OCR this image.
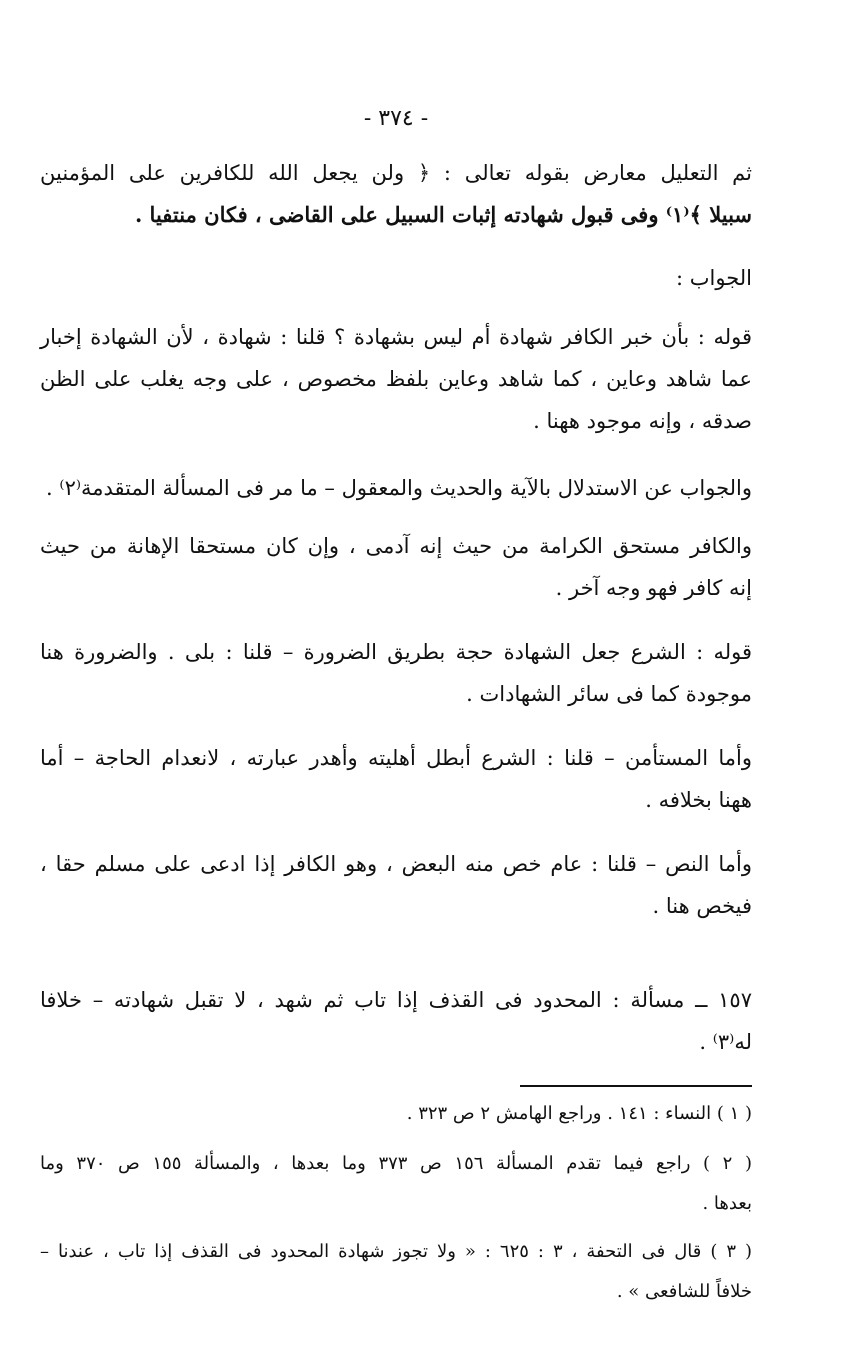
- ٣٧٤ -

ثم التعليل معارض بقوله تعالى : ﴿ ولن يجعل الله للكافرين على المؤمنين
سبيلا ﴾⁽١⁾ وفى قبول شهادته إثبات السبيل على القاضى ، فكان منتفيا .

الجواب :

قوله : بأن خبر الكافر شهادة أم ليس بشهادة ؟ قلنا : شهادة ، لأن الشهادة إخبار
عما شاهد وعاين ، كما شاهد وعاين بلفظ مخصوص ، على وجه يغلب على الظن
صدقه ، وإنه موجود ههنا .

والجواب عن الاستدلال بالآية والحديث والمعقول – ما مر فى المسألة المتقدمة⁽٢⁾ .

والكافر مستحق الكرامة من حيث إنه آدمى ، وإن كان مستحقا الإهانة من حيث
إنه كافر فهو وجه آخر .

قوله : الشرع جعل الشهادة حجة بطريق الضرورة – قلنا : بلى . والضرورة هنا
موجودة كما فى سائر الشهادات .

وأما المستأمن – قلنا : الشرع أبطل أهليته وأهدر عبارته ، لانعدام الحاجة – أما
ههنا بخلافه .

وأما النص – قلنا : عام خص منه البعض ، وهو الكافر إذا ادعى على مسلم حقا ،
فيخص هنا .

١٥٧ ــ مسألة : المحدود فى القذف إذا تاب ثم شهد ، لا تقبل شهادته – خلافا
له⁽٣⁾ .

( ١ ) النساء : ١٤١ . وراجع الهامش ٢ ص ٣٢٣ .

( ٢ ) راجع فيما تقدم المسألة ١٥٦ ص ٣٧٣ وما بعدها ، والمسألة ١٥٥ ص ٣٧٠ وما
بعدها .

( ٣ ) قال فى التحفة ، ٣ : ٦٢٥ : « ولا تجوز شهادة المحدود فى القذف إذا تاب ، عندنا –
خلافاً للشافعى » .
